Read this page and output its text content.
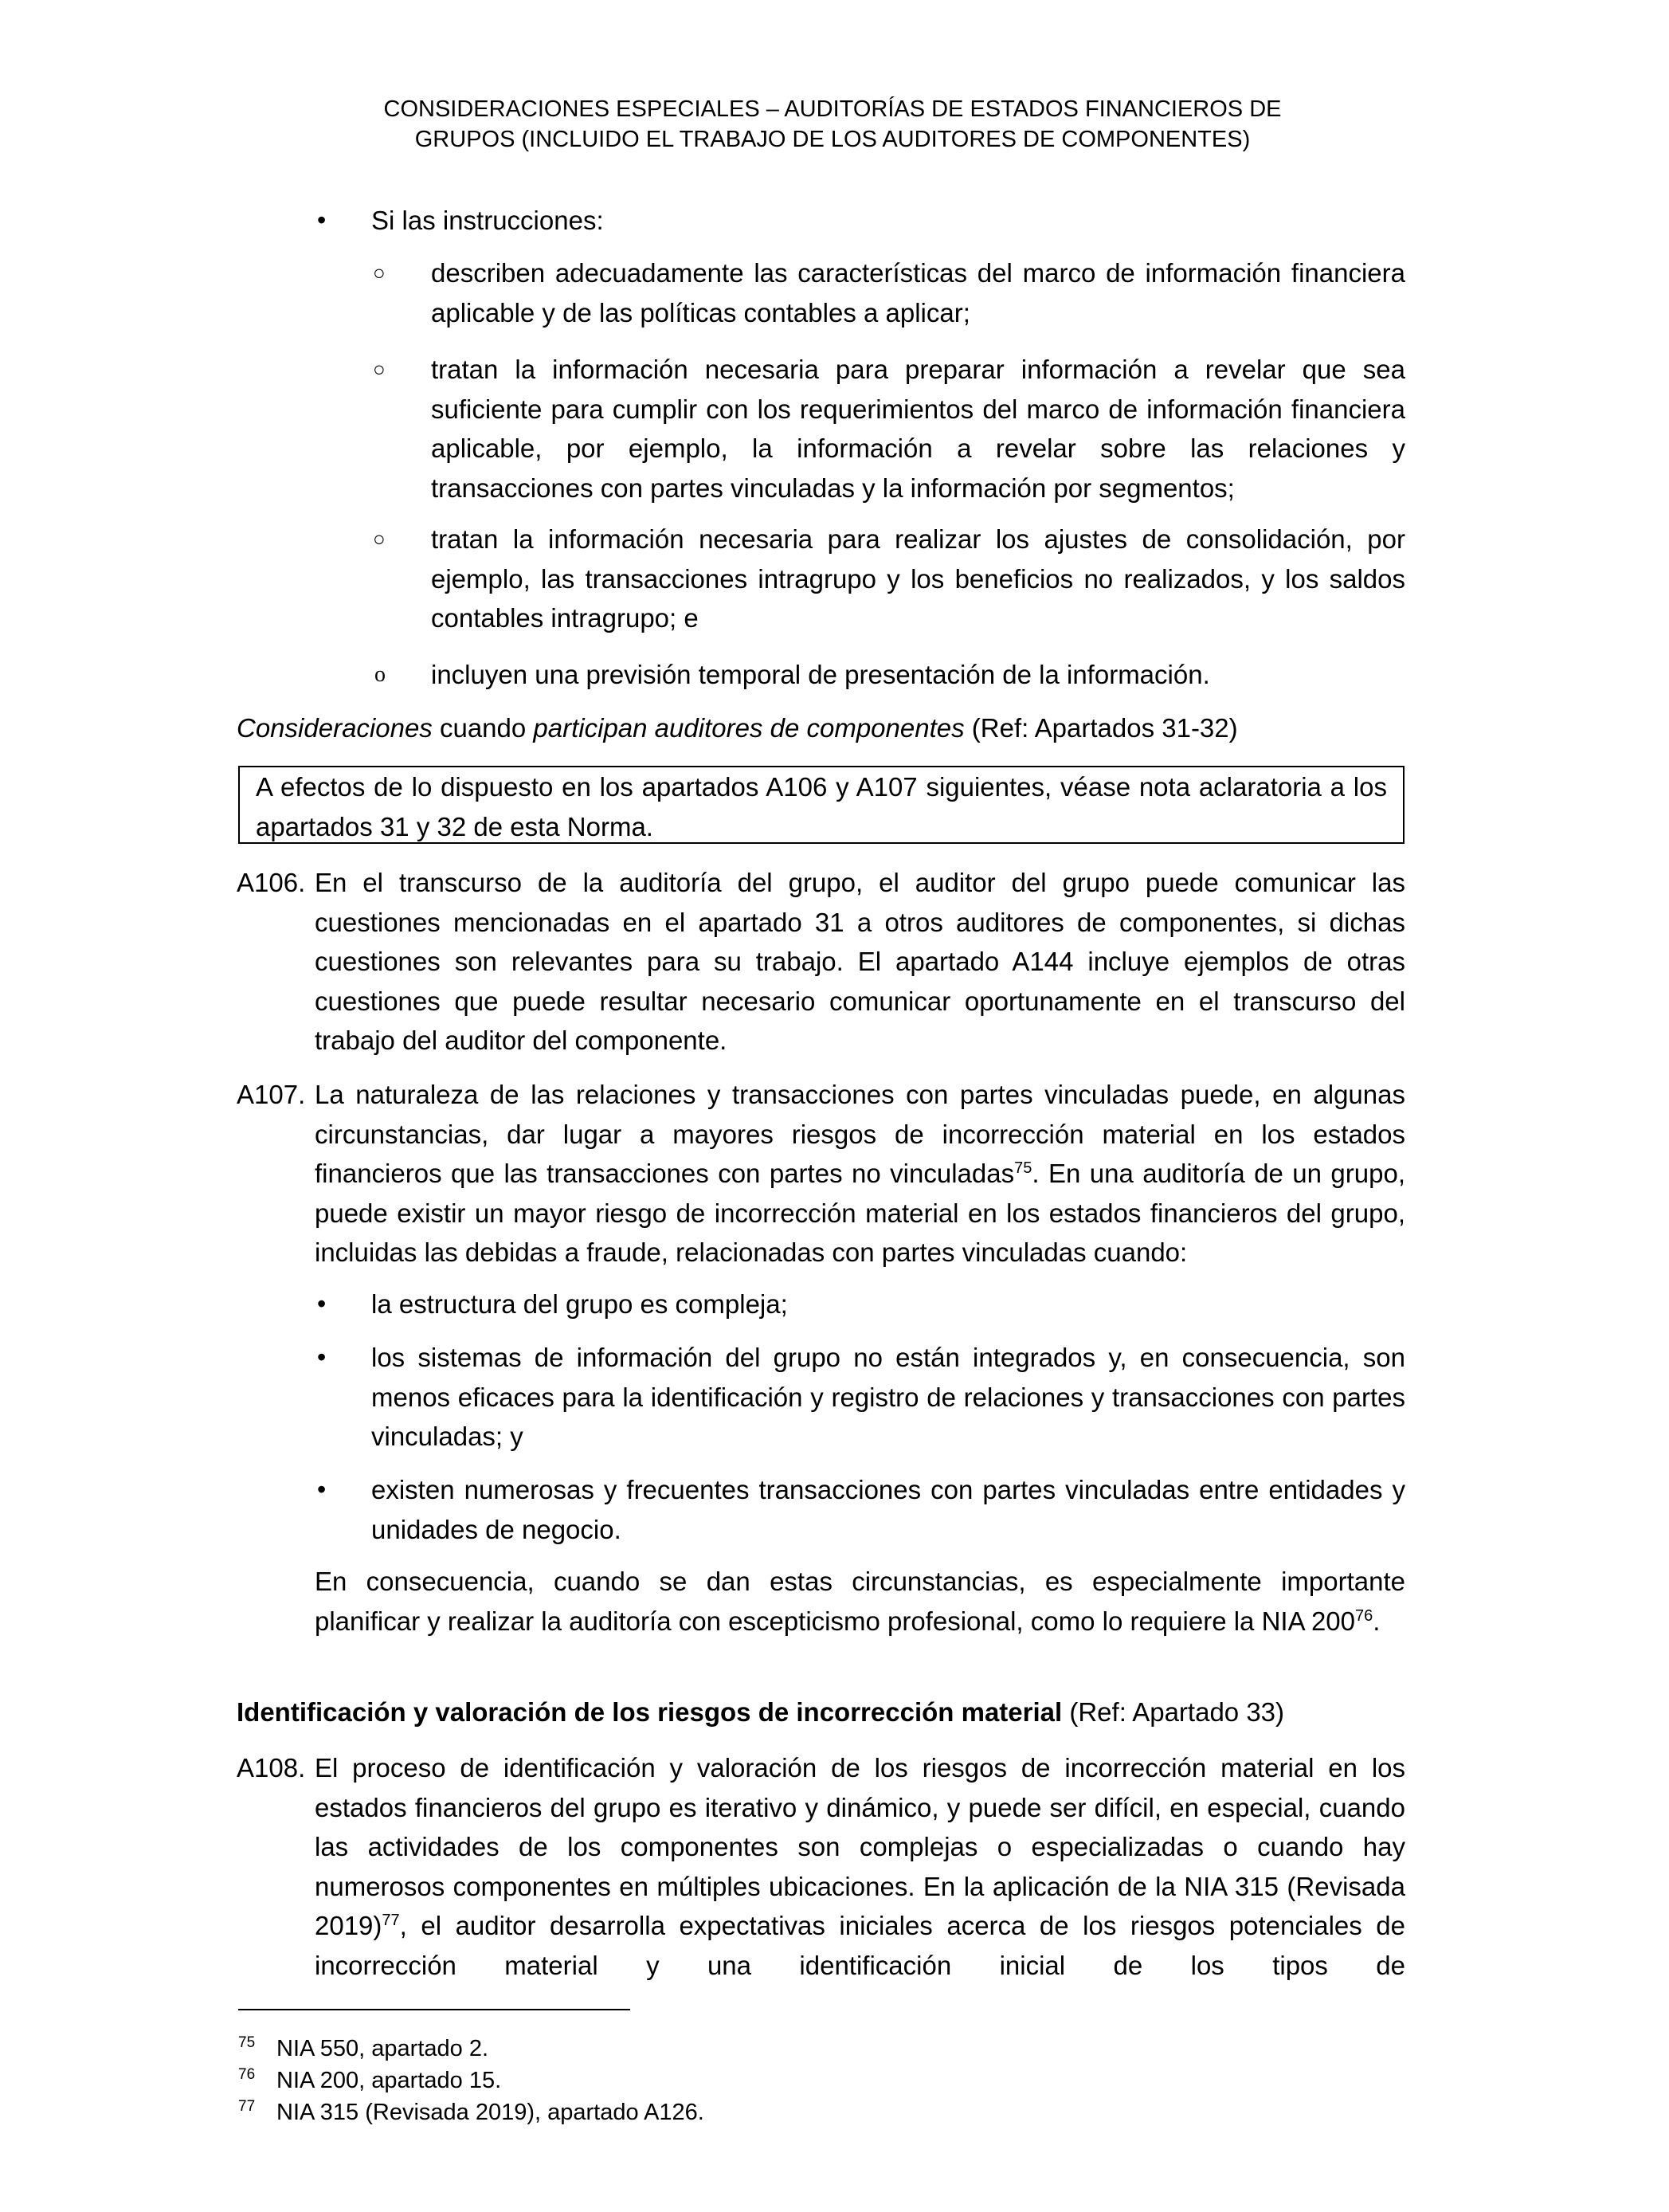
CONSIDERACIONES ESPECIALES – AUDITORÍAS DE ESTADOS FINANCIEROS DE
GRUPOS (INCLUIDO EL TRABAJO DE LOS AUDITORES DE COMPONENTES)
• Si las instrucciones:
○ describen adecuadamente las características del marco de información financiera aplicable y de las políticas contables a aplicar;
○ tratan la información necesaria para preparar información a revelar que sea suficiente para cumplir con los requerimientos del marco de información financiera aplicable, por ejemplo, la información a revelar sobre las relaciones y transacciones con partes vinculadas y la información por segmentos;
○ tratan la información necesaria para realizar los ajustes de consolidación, por ejemplo, las transacciones intragrupo y los beneficios no realizados, y los saldos contables intragrupo; e
o incluyen una previsión temporal de presentación de la información.
Consideraciones cuando participan auditores de componentes (Ref: Apartados 31-32)
A efectos de lo dispuesto en los apartados A106 y A107 siguientes, véase nota aclaratoria a los apartados 31 y 32 de esta Norma.
A106. En el transcurso de la auditoría del grupo, el auditor del grupo puede comunicar las cuestiones mencionadas en el apartado 31 a otros auditores de componentes, si dichas cuestiones son relevantes para su trabajo. El apartado A144 incluye ejemplos de otras cuestiones que puede resultar necesario comunicar oportunamente en el transcurso del trabajo del auditor del componente.
A107. La naturaleza de las relaciones y transacciones con partes vinculadas puede, en algunas circunstancias, dar lugar a mayores riesgos de incorrección material en los estados financieros que las transacciones con partes no vinculadas$^{75}$. En una auditoría de un grupo, puede existir un mayor riesgo de incorrección material en los estados financieros del grupo, incluidas las debidas a fraude, relacionadas con partes vinculadas cuando:
• la estructura del grupo es compleja;
• los sistemas de información del grupo no están integrados y, en consecuencia, son menos eficaces para la identificación y registro de relaciones y transacciones con partes vinculadas; y
• existen numerosas y frecuentes transacciones con partes vinculadas entre entidades y unidades de negocio.
En consecuencia, cuando se dan estas circunstancias, es especialmente importante planificar y realizar la auditoría con escepticismo profesional, como lo requiere la NIA $200^{76}$.
Identificación y valoración de los riesgos de incorrección material (Ref: Apartado 33)
A108. El proceso de identificación y valoración de los riesgos de incorrección material en los estados financieros del grupo es iterativo y dinámico, y puede ser difícil, en especial, cuando las actividades de los componentes son complejas o especializadas o cuando hay numerosos componentes en múltiples ubicaciones. En la aplicación de la NIA 315 (Revisada 2019)$^{77}$, el auditor desarrolla expectativas iniciales acerca de los riesgos potenciales de incorrección material y una identificación inicial de los tipos de
75 NIA 550, apartado 2.
76 NIA 200, apartado 15.
77 NIA 315 (Revisada 2019), apartado A126.
